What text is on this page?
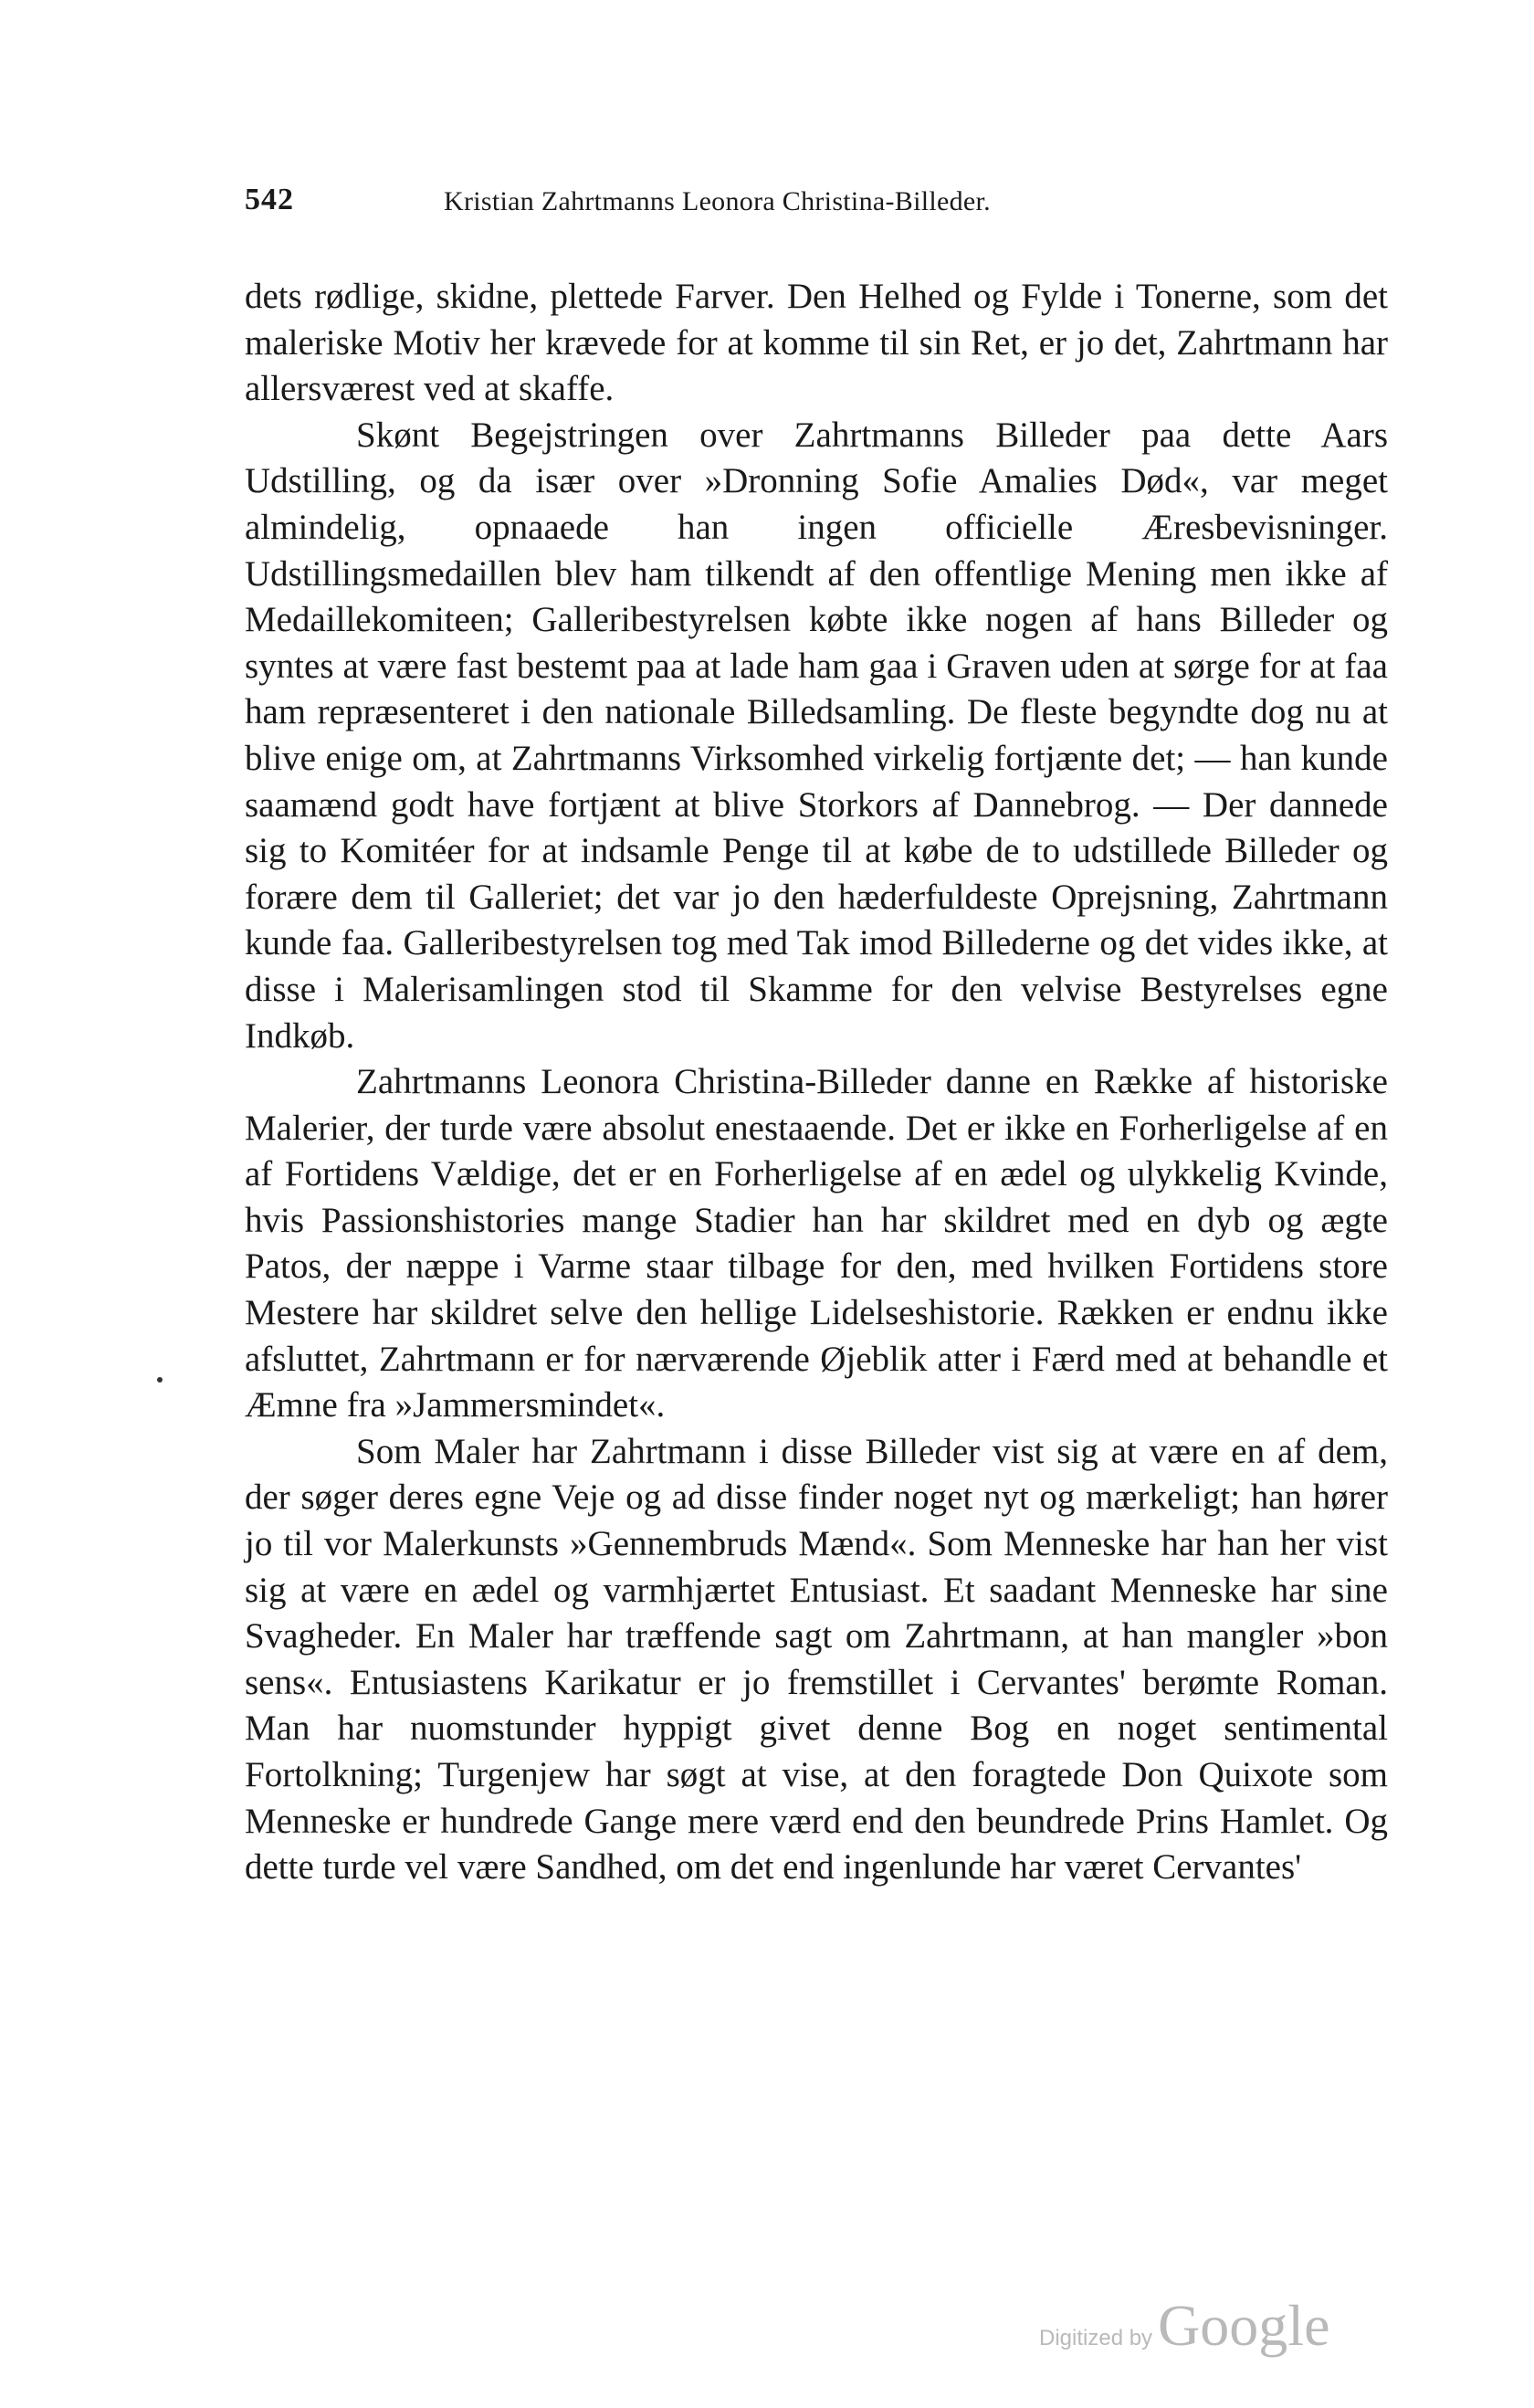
542	Kristian Zahrtmanns Leonora Christina-Billeder.

dets rødlige, skidne, plettede Farver. Den Helhed og Fylde i Tonerne, som det maleriske Motiv her krævede for at komme til sin Ret, er jo det, Zahrtmann har allersværest ved at skaffe.

Skønt Begejstringen over Zahrtmanns Billeder paa dette Aars Udstilling, og da især over »Dronning Sofie Amalies Død«, var meget almindelig, opnaaede han ingen officielle Æresbevisninger. Udstillingsmedaillen blev ham tilkendt af den offentlige Mening men ikke af Medaillekomiteen; Galleribestyrelsen købte ikke nogen af hans Billeder og syntes at være fast bestemt paa at lade ham gaa i Graven uden at sørge for at faa ham repræsenteret i den nationale Billedsamling. De fleste begyndte dog nu at blive enige om, at Zahrtmanns Virksomhed virkelig fortjænte det; — han kunde saamænd godt have fortjænt at blive Storkors af Dannebrog. — Der dannede sig to Komitéer for at indsamle Penge til at købe de to udstillede Billeder og forære dem til Galleriet; det var jo den hæderfuldeste Oprejsning, Zahrtmann kunde faa. Galleribestyrelsen tog med Tak imod Billederne og det vides ikke, at disse i Malerisamlingen stod til Skamme for den velvise Bestyrelses egne Indkøb.

Zahrtmanns Leonora Christina-Billeder danne en Række af historiske Malerier, der turde være absolut enestaaende. Det er ikke en Forherligelse af en af Fortidens Vældige, det er en Forherligelse af en ædel og ulykkelig Kvinde, hvis Passionshistories mange Stadier han har skildret med en dyb og ægte Patos, der næppe i Varme staar tilbage for den, med hvilken Fortidens store Mestere har skildret selve den hellige Lidelseshistorie. Rækken er endnu ikke afsluttet, Zahrtmann er for nærværende Øjeblik atter i Færd med at behandle et Æmne fra »Jammersmindet«.

Som Maler har Zahrtmann i disse Billeder vist sig at være en af dem, der søger deres egne Veje og ad disse finder noget nyt og mærkeligt; han hører jo til vor Malerkunsts »Gennembruds Mænd«. Som Menneske har han her vist sig at være en ædel og varmhjærtet Entusiast. Et saadant Menneske har sine Svagheder. En Maler har træffende sagt om Zahrtmann, at han mangler »bon sens«. Entusiastens Karikatur er jo fremstillet i Cervantes' berømte Roman. Man har nuomstunder hyppigt givet denne Bog en noget sentimental Fortolkning; Turgenjew har søgt at vise, at den foragtede Don Quixote som Menneske er hundrede Gange mere værd end den beundrede Prins Hamlet. Og dette turde vel være Sandhed, om det end ingenlunde har været Cervantes'

Digitized byGoogle
